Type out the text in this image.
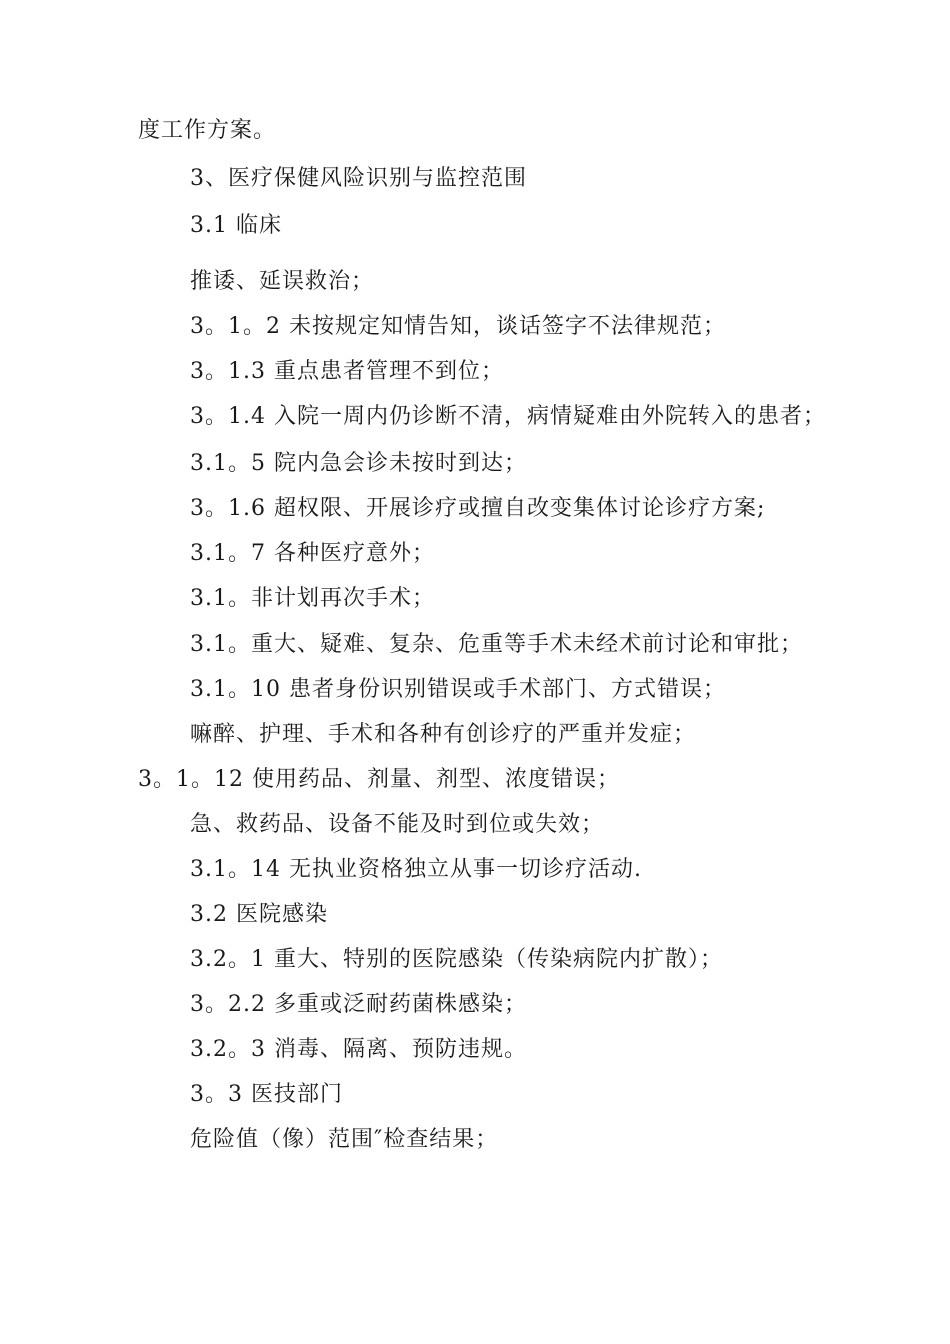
度工作方案。
3、医疗保健风险识别与监控范围
3.1 临床
推诿、延误救治；
3。1。2 未按规定知情告知，谈话签字不法律规范；
3。1.3 重点患者管理不到位；
3。1.4 入院一周内仍诊断不清，病情疑难由外院转入的患者；
3.1。5 院内急会诊未按时到达；
3。1.6 超权限、开展诊疗或擅自改变集体讨论诊疗方案;
3.1。7 各种医疗意外；
3.1。非计划再次手术；
3.1。重大、疑难、复杂、危重等手术未经术前讨论和审批；
3.1。10 患者身份识别错误或手术部门、方式错误；
嘛醉、护理、手术和各种有创诊疗的严重并发症；
3。1。12 使用药品、剂量、剂型、浓度错误；
急、救药品、设备不能及时到位或失效；
3.1。14 无执业资格独立从事一切诊疗活动.
3.2 医院感染
3.2。1 重大、特别的医院感染（传染病院内扩散）；
3。2.2 多重或泛耐药菌株感染；
3.2。3 消毒、隔离、预防违规。
3。3 医技部门
危险值（像）范围″检查结果；
